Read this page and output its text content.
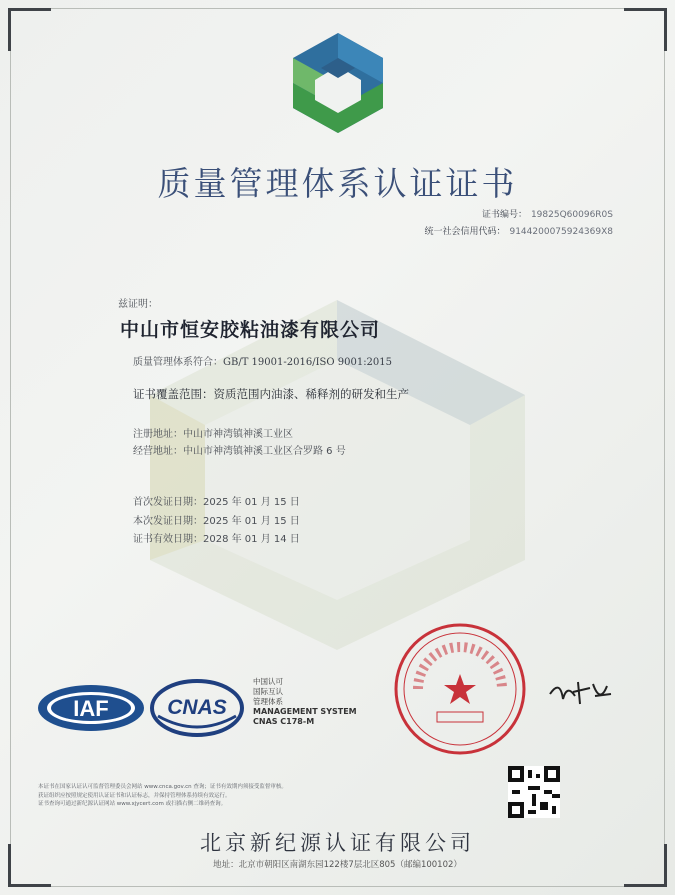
质量管理体系认证证书
证书编号： 19825Q60096R0S
统一社会信用代码： 9144200075924369X8
兹证明：
中山市恒安胶粘油漆有限公司
质量管理体系符合：GB/T 19001-2016/ISO 9001:2015
证书覆盖范围：资质范围内油漆、稀释剂的研发和生产
注册地址：中山市神湾镇神溪工业区
经营地址：中山市神湾镇神溪工业区合罗路 6 号
首次发证日期：2025 年 01 月 15 日
本次发证日期：2025 年 01 月 15 日
证书有效日期：2028 年 01 月 14 日
IAF	CNAS
中国认可
国际互认
管理体系
MANAGEMENT SYSTEM
CNAS C178-M
本证书在国家认证认可监督管理委员会网站 www.cnca.gov.cn 查询；证书有效期内须接受监督审核。
获证组织应按照规定使用认证证书和认证标志，并保持管理体系持续有效运行。
证书查询可通过新纪源认证网站 www.xjycert.com 或扫描右侧二维码查询。
北京新纪源认证有限公司
地址：北京市朝阳区南湖东园122楼7层北区805（邮编100102）
